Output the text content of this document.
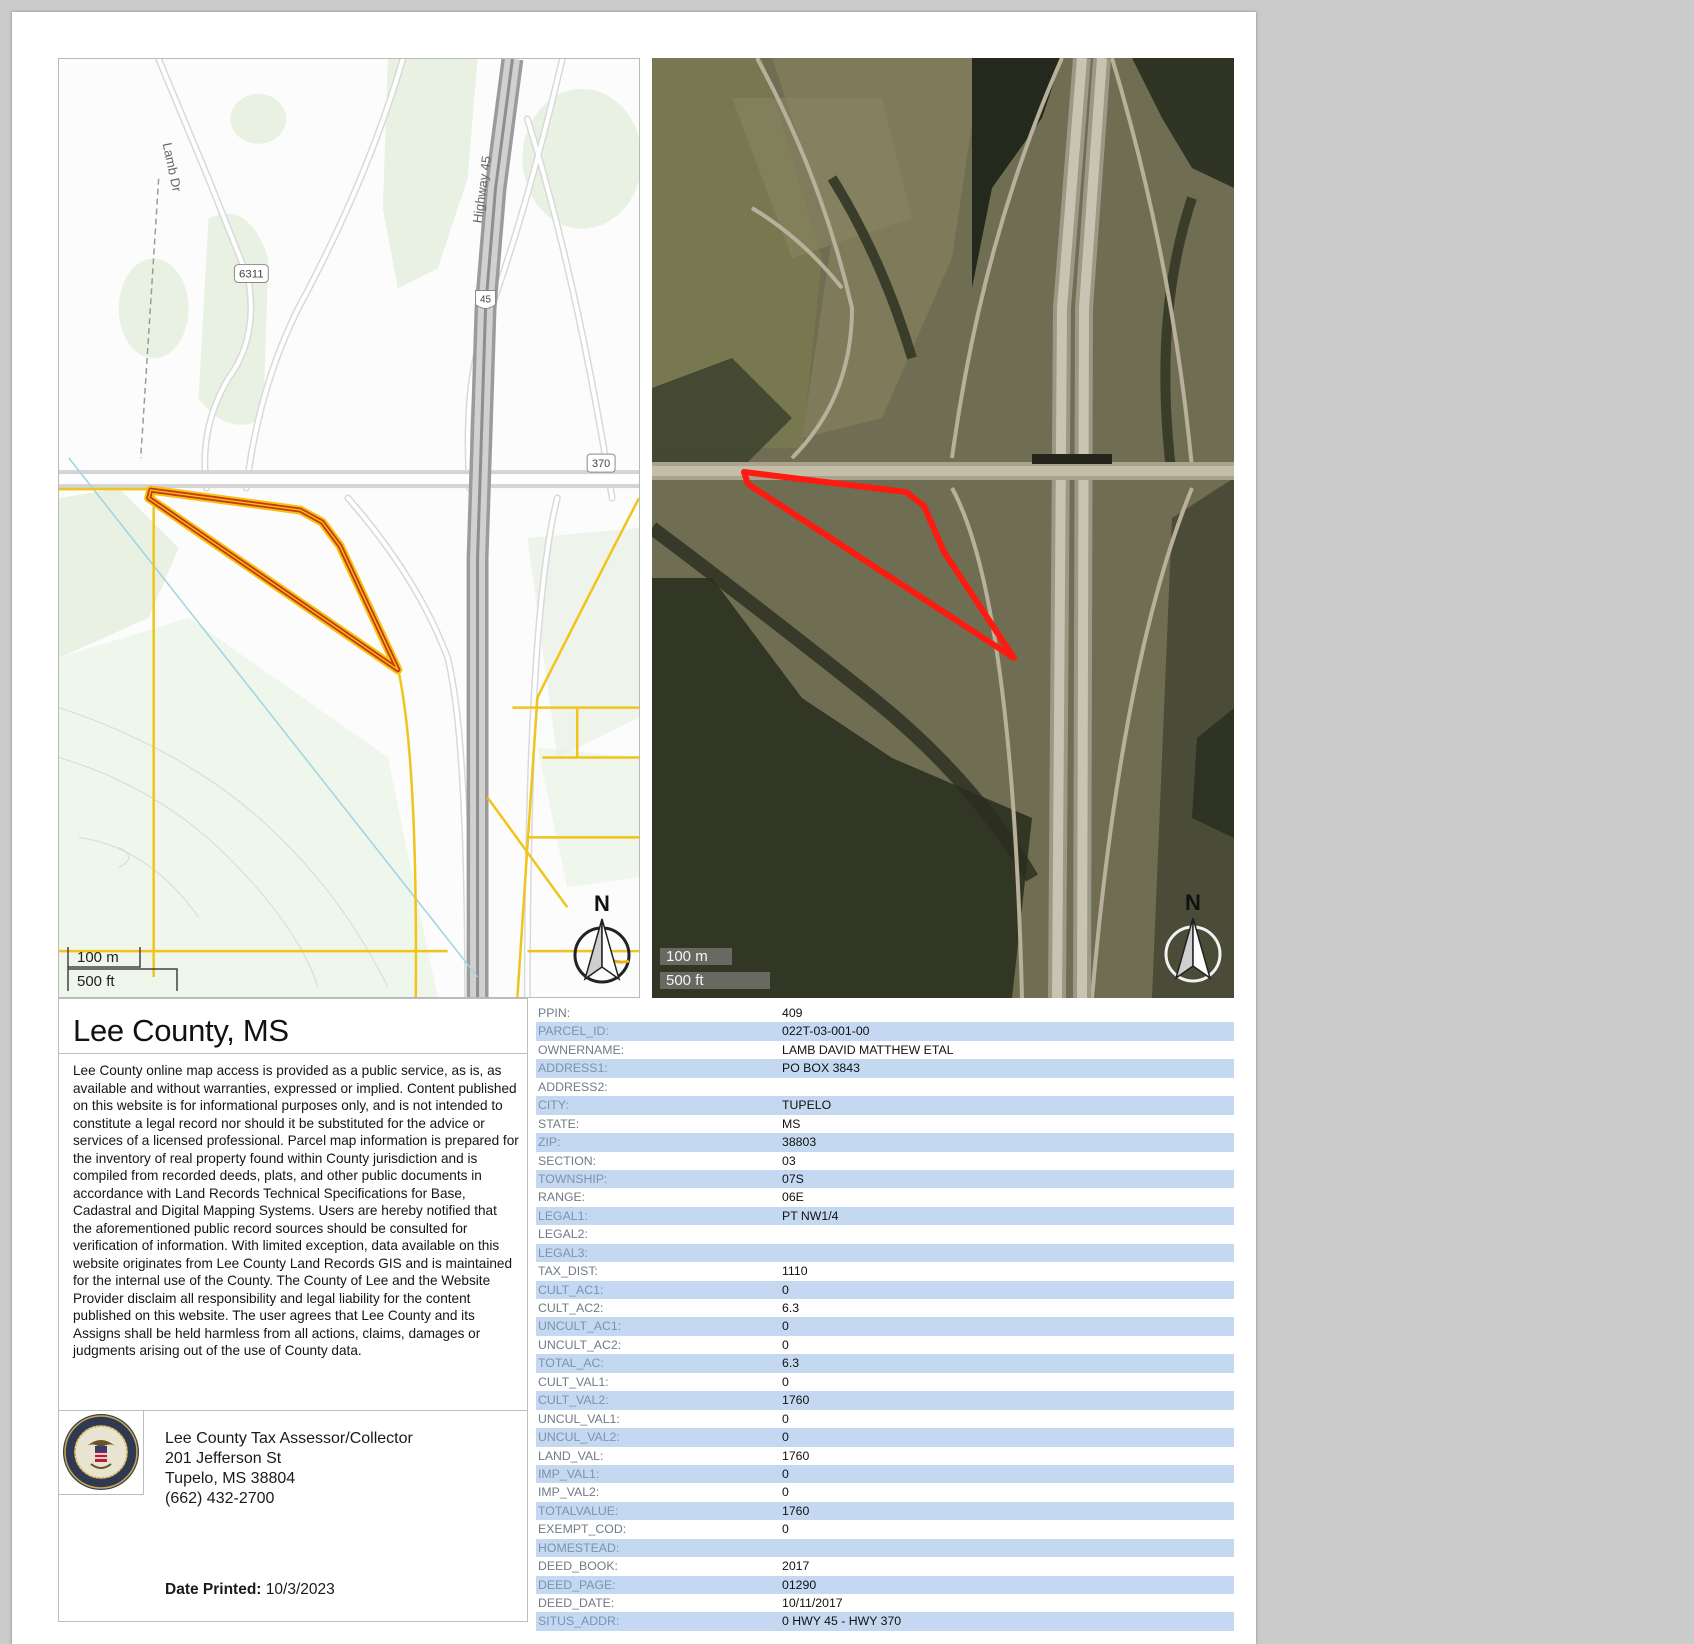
Lamb Dr	Highway 45
6311
45
370
100 m
500 ft
N
100 m
500 ft
N
Lee County, MS
Lee County online map access is provided as a public service, as is, as available and without warranties, expressed or implied. Content published on this website is for informational purposes only, and is not intended to constitute a legal record nor should it be substituted for the advice or services of a licensed professional. Parcel map information is prepared for the inventory of real property found within County jurisdiction and is compiled from recorded deeds, plats, and other public documents in accordance with Land Records Technical Specifications for Base, Cadastral and Digital Mapping Systems. Users are hereby notified that the aforementioned public record sources should be consulted for verification of information. With limited exception, data available on this website originates from Lee County Land Records GIS and is maintained for the internal use of the County. The County of Lee and the Website Provider disclaim all responsibility and legal liability for the content published on this website. The user agrees that Lee County and its Assigns shall be held harmless from all actions, claims, damages or judgments arising out of the use of County data.
Lee County Tax Assessor/Collector
201 Jefferson St
Tupelo, MS 38804
(662) 432-2700
Date Printed: 10/3/2023
PPIN:	409
PARCEL_ID:	022T-03-001-00
OWNERNAME:	LAMB DAVID MATTHEW ETAL
ADDRESS1:	PO BOX 3843
ADDRESS2:
CITY:	TUPELO
STATE:	MS
ZIP:	38803
SECTION:	03
TOWNSHIP:	07S
RANGE:	06E
LEGAL1:	PT NW1/4
LEGAL2:
LEGAL3:
TAX_DIST:	1110
CULT_AC1:	0
CULT_AC2:	6.3
UNCULT_AC1:	0
UNCULT_AC2:	0
TOTAL_AC:	6.3
CULT_VAL1:	0
CULT_VAL2:	1760
UNCUL_VAL1:	0
UNCUL_VAL2:	0
LAND_VAL:	1760
IMP_VAL1:	0
IMP_VAL2:	0
TOTALVALUE:	1760
EXEMPT_COD:	0
HOMESTEAD:
DEED_BOOK:	2017
DEED_PAGE:	01290
DEED_DATE:	10/11/2017
SITUS_ADDR:	0 HWY 45 - HWY 370
